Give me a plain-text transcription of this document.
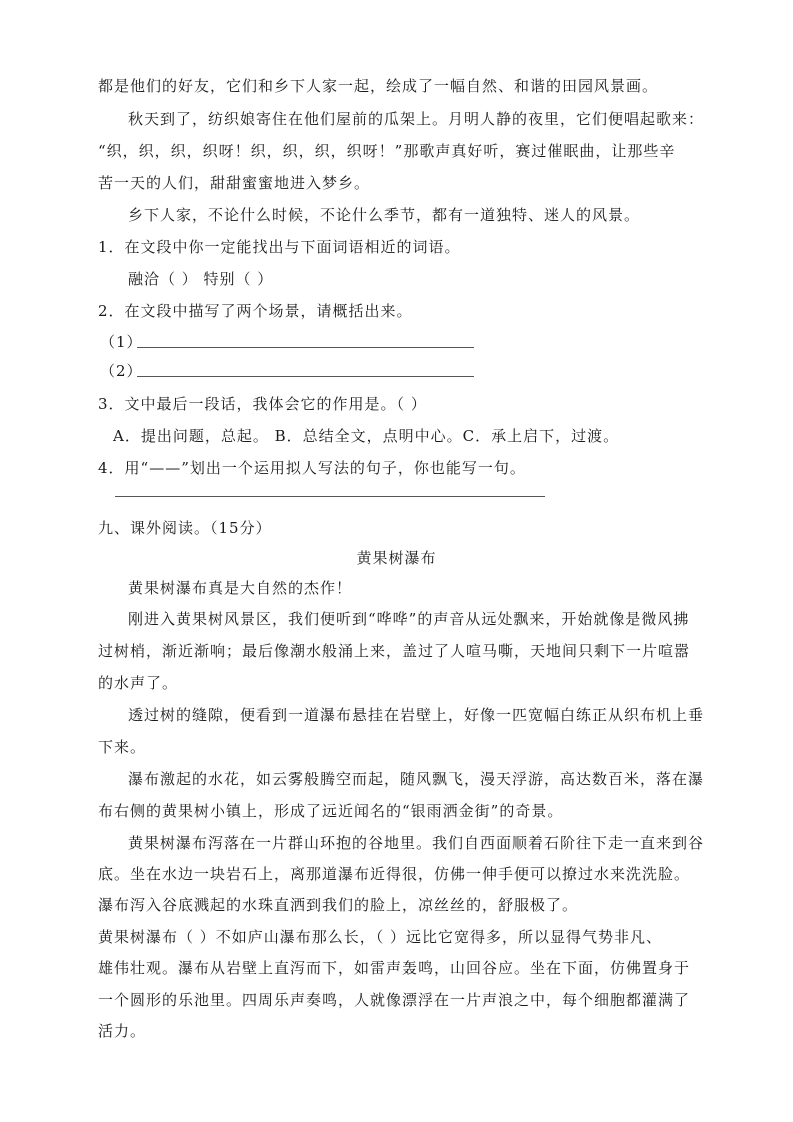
都是他们的好友，它们和乡下人家一起，绘成了一幅自然、和谐的田园风景画。
秋天到了，纺织娘寄住在他们屋前的瓜架上。月明人静的夜里，它们便唱起歌来：
“织，织，织，织呀！织，织，织，织呀！”那歌声真好听，赛过催眠曲，让那些辛
苦一天的人们，甜甜蜜蜜地进入梦乡。
乡下人家，不论什么时候，不论什么季节，都有一道独特、迷人的风景。
1．在文段中你一定能找出与下面词语相近的词语。
融洽（ ） 特别（ ）
2．在文段中描写了两个场景，请概括出来。
（1）
（2）
3．文中最后一段话，我体会它的作用是。（ ）
A．提出问题，总起。 B．总结全文，点明中心。C．承上启下，过渡。
4．用“——”划出一个运用拟人写法的句子，你也能写一句。
九、课外阅读。（15分）
黄果树瀑布
黄果树瀑布真是大自然的杰作！
刚进入黄果树风景区，我们便听到“哗哗”的声音从远处飘来，开始就像是微风拂
过树梢，渐近渐响；最后像潮水般涌上来，盖过了人喧马嘶，天地间只剩下一片喧嚣
的水声了。
透过树的缝隙，便看到一道瀑布悬挂在岩壁上，好像一匹宽幅白练正从织布机上垂
下来。
瀑布激起的水花，如云雾般腾空而起，随风飘飞，漫天浮游，高达数百米，落在瀑
布右侧的黄果树小镇上，形成了远近闻名的“银雨洒金街”的奇景。
黄果树瀑布泻落在一片群山环抱的谷地里。我们自西面顺着石阶往下走一直来到谷
底。坐在水边一块岩石上，离那道瀑布近得很，仿佛一伸手便可以撩过水来洗洗脸。
瀑布泻入谷底溅起的水珠直洒到我们的脸上，凉丝丝的，舒服极了。
黄果树瀑布（ ）不如庐山瀑布那么长，（ ）远比它宽得多，所以显得气势非凡、
雄伟壮观。瀑布从岩壁上直泻而下，如雷声轰鸣，山回谷应。坐在下面，仿佛置身于
一个圆形的乐池里。四周乐声奏鸣，人就像漂浮在一片声浪之中，每个细胞都灌满了
活力。
